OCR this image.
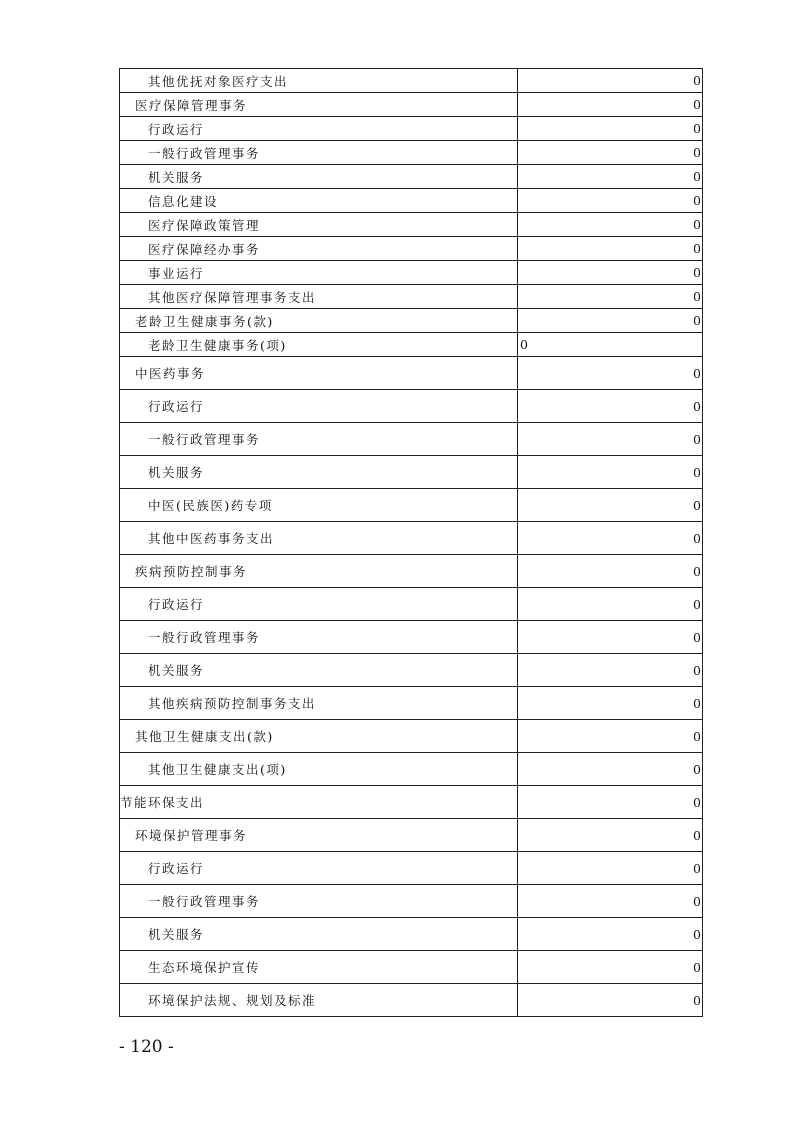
其他优抚对象医疗支出	0
医疗保障管理事务	0
行政运行	0
一般行政管理事务	0
机关服务	0
信息化建设	0
医疗保障政策管理	0
医疗保障经办事务	0
事业运行	0
其他医疗保障管理事务支出	0
老龄卫生健康事务(款)	0
老龄卫生健康事务(项)	0
中医药事务	0
行政运行	0
一般行政管理事务	0
机关服务	0
中医(民族医)药专项	0
其他中医药事务支出	0
疾病预防控制事务	0
行政运行	0
一般行政管理事务	0
机关服务	0
其他疾病预防控制事务支出	0
其他卫生健康支出(款)	0
其他卫生健康支出(项)	0
节能环保支出	0
环境保护管理事务	0
行政运行	0
一般行政管理事务	0
机关服务	0
生态环境保护宣传	0
环境保护法规、规划及标准	0
- 120 -
